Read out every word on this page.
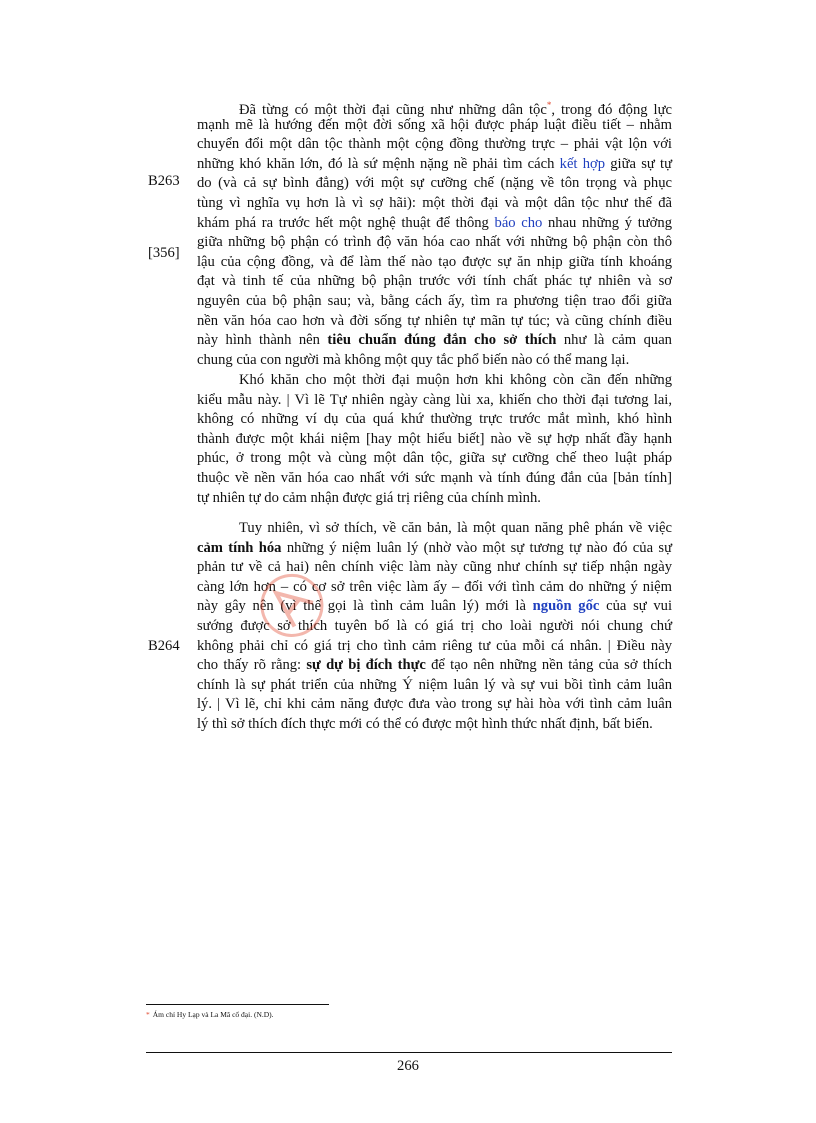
B263
[356]
B264
Đã từng có một thời đại cũng như những dân tộc*, trong đó động lực
mạnh mẽ là hướng đến một đời sống xã hội được pháp luật điều tiết – nhằm
chuyển đổi một dân tộc thành một cộng đồng thường trực – phải vật lộn với
những khó khăn lớn, đó là sứ mệnh nặng nề phải tìm cách kết hợp giữa sự tự
do (và cả sự bình đẳng) với một sự cưỡng chế (nặng về tôn trọng và phục
tùng vì nghĩa vụ hơn là vì sợ hãi): một thời đại và một dân tộc như thế đã
khám phá ra trước hết một nghệ thuật để thông báo cho nhau những ý tưởng
giữa những bộ phận có trình độ văn hóa cao nhất với những bộ phận còn thô
lậu của cộng đồng, và để làm thế nào tạo được sự ăn nhịp giữa tính khoáng
đạt và tinh tế của những bộ phận trước với tính chất phác tự nhiên và sơ
nguyên của bộ phận sau; và, bằng cách ấy, tìm ra phương tiện trao đổi giữa
nền văn hóa cao hơn và đời sống tự nhiên tự mãn tự túc; và cũng chính điều
này hình thành nên tiêu chuẩn đúng đắn cho sở thích như là cảm quan
chung của con người mà không một quy tắc phổ biến nào có thể mang lại.
Khó khăn cho một thời đại muộn hơn khi không còn cần đến những
kiểu mẫu này. | Vì lẽ Tự nhiên ngày càng lùi xa, khiến cho thời đại tương lai,
không có những ví dụ của quá khứ thường trực trước mắt mình, khó hình
thành được một khái niệm [hay một hiểu biết] nào về sự hợp nhất đầy hạnh
phúc, ở trong một và cùng một dân tộc, giữa sự cưỡng chế theo luật pháp
thuộc về nền văn hóa cao nhất với sức mạnh và tính đúng đắn của [bản tính]
tự nhiên tự do cảm nhận được giá trị riêng của chính mình.
Tuy nhiên, vì sở thích, về căn bản, là một quan năng phê phán về việc
cảm tính hóa những ý niệm luân lý (nhờ vào một sự tương tự nào đó của sự
phản tư về cả hai) nên chính việc làm này cũng như chính sự tiếp nhận ngày
càng lớn hơn – có cơ sở trên việc làm ấy – đối với tình cảm do những ý niệm
này gây nên (vì thế gọi là tình cảm luân lý) mới là nguồn gốc của sự vui
sướng được sở thích tuyên bố là có giá trị cho loài người nói chung chứ
không phải chỉ có giá trị cho tình cảm riêng tư của mỗi cá nhân. | Điều này
cho thấy rõ rằng: sự dự bị đích thực để tạo nên những nền tảng của sở thích
chính là sự phát triển của những Ý niệm luân lý và sự vui bồi tình cảm luân
lý. | Vì lẽ, chỉ khi cảm năng được đưa vào trong sự hài hòa với tình cảm luân
lý thì sở thích đích thực mới có thể có được một hình thức nhất định, bất biến.
* Ám chỉ Hy Lạp và La Mã cổ đại. (N.D).
266
